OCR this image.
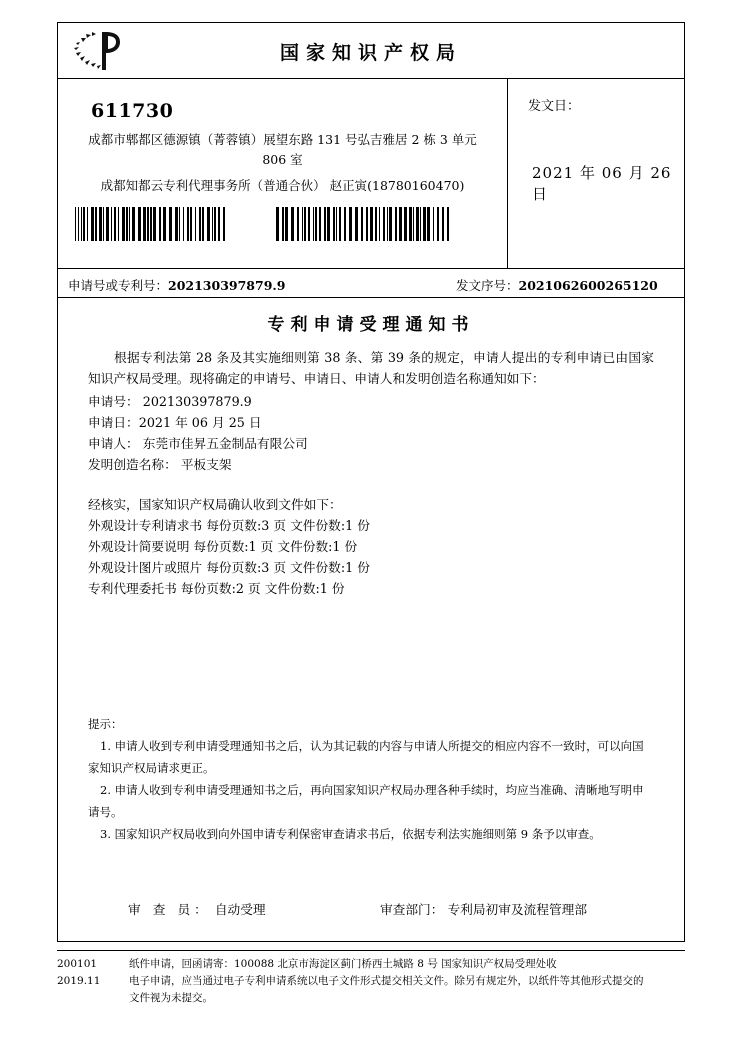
国家知识产权局
611730
成都市郫都区德源镇（菁蓉镇）展望东路 131 号弘吉雅居 2 栋 3 单元
806 室
成都知都云专利代理事务所（普通合伙） 赵正寅(18780160470)
发文日：
2021 年 06 月 26 日
申请号或专利号：202130397879.9	发文序号：2021062600265120
专利申请受理通知书
根据专利法第 28 条及其实施细则第 38 条、第 39 条的规定，申请人提出的专利申请已由国家知识产权局受理。现将确定的申请号、申请日、申请人和发明创造名称通知如下：
申请号： 202130397879.9
申请日：2021 年 06 月 25 日
申请人： 东莞市佳昇五金制品有限公司
发明创造名称： 平板支架
经核实，国家知识产权局确认收到文件如下：
外观设计专利请求书 每份页数:3 页 文件份数:1 份
外观设计简要说明 每份页数:1 页 文件份数:1 份
外观设计图片或照片 每份页数:3 页 文件份数:1 份
专利代理委托书 每份页数:2 页 文件份数:1 份
提示：
1. 申请人收到专利申请受理通知书之后，认为其记载的内容与申请人所提交的相应内容不一致时，可以向国家知识产权局请求更正。
2. 申请人收到专利申请受理通知书之后，再向国家知识产权局办理各种手续时，均应当准确、清晰地写明申请号。
3. 国家知识产权局收到向外国申请专利保密审查请求书后，依据专利法实施细则第 9 条予以审查。
审 查 员： 自动受理	审查部门： 专利局初审及流程管理部
200101
2019.11
纸件申请，回函请寄：100088 北京市海淀区蓟门桥西土城路 8 号 国家知识产权局受理处收
电子申请，应当通过电子专利申请系统以电子文件形式提交相关文件。除另有规定外，以纸件等其他形式提交的
文件视为未提交。
